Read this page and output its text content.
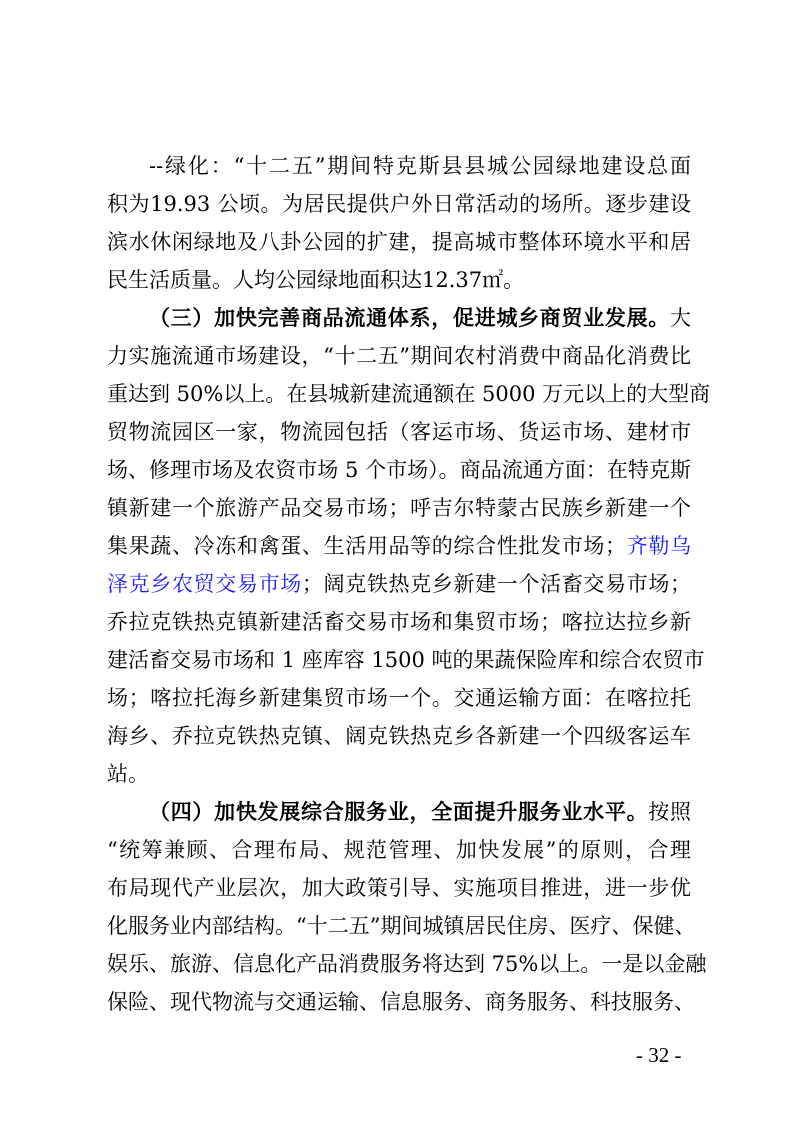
--绿化：“十二五”期间特克斯县县城公园绿地建设总面
积为19.93 公顷。为居民提供户外日常活动的场所。逐步建设
滨水休闲绿地及八卦公园的扩建，提高城市整体环境水平和居
民生活质量。人均公园绿地面积达12.37㎡。
（三）加快完善商品流通体系，促进城乡商贸业发展。大
力实施流通市场建设，“十二五”期间农村消费中商品化消费比
重达到 50%以上。在县城新建流通额在 5000 万元以上的大型商
贸物流园区一家，物流园包括（客运市场、货运市场、建材市
场、修理市场及农资市场 5 个市场）。商品流通方面：在特克斯
镇新建一个旅游产品交易市场；呼吉尔特蒙古民族乡新建一个
集果蔬、冷冻和禽蛋、生活用品等的综合性批发市场；齐勒乌
泽克乡农贸交易市场；阔克铁热克乡新建一个活畜交易市场；
乔拉克铁热克镇新建活畜交易市场和集贸市场；喀拉达拉乡新
建活畜交易市场和 1 座库容 1500 吨的果蔬保险库和综合农贸市
场；喀拉托海乡新建集贸市场一个。交通运输方面：在喀拉托
海乡、乔拉克铁热克镇、阔克铁热克乡各新建一个四级客运车
站。
（四）加快发展综合服务业，全面提升服务业水平。按照
“统筹兼顾、合理布局、规范管理、加快发展”的原则，合理
布局现代产业层次，加大政策引导、实施项目推进，进一步优
化服务业内部结构。“十二五”期间城镇居民住房、医疗、保健、
娱乐、旅游、信息化产品消费服务将达到 75%以上。一是以金融
保险、现代物流与交通运输、信息服务、商务服务、科技服务、
- 32 -
